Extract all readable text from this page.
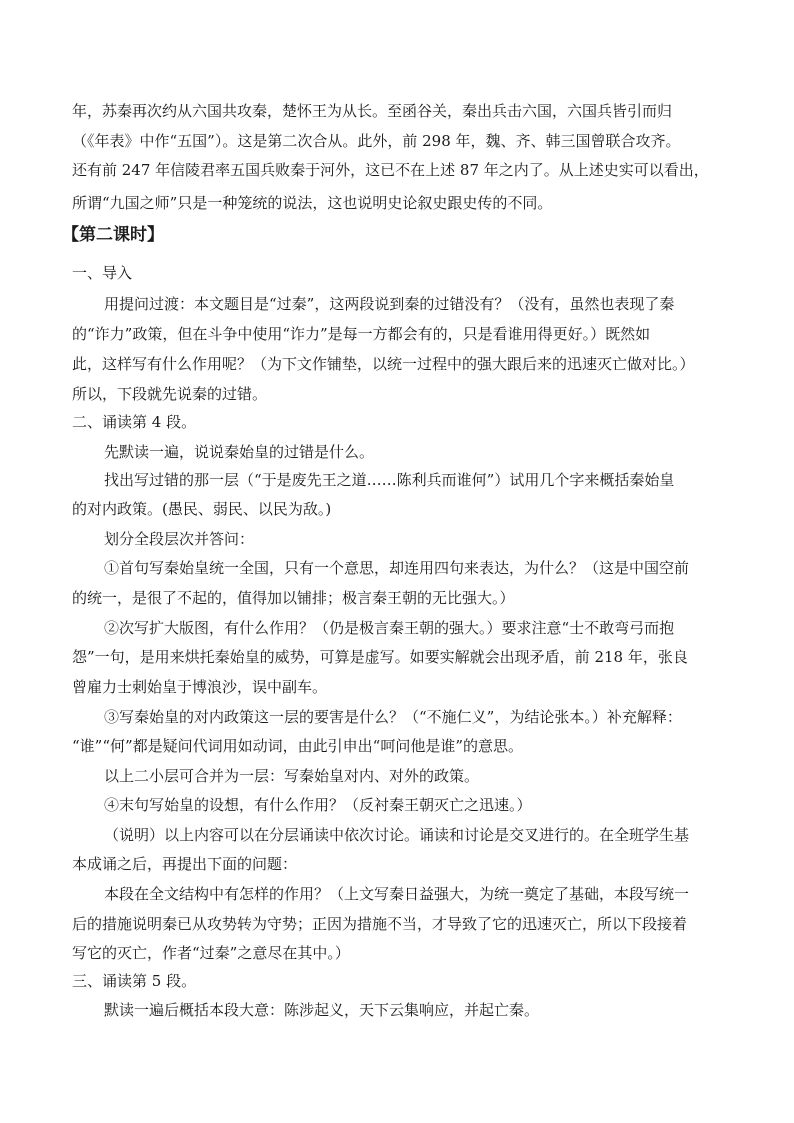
年，苏秦再次约从六国共攻秦，楚怀王为从长。至函谷关，秦出兵击六国，六国兵皆引而归
（《年表》中作“五国”）。这是第二次合从。此外，前 298 年，魏、齐、韩三国曾联合攻齐。
还有前 247 年信陵君率五国兵败秦于河外，这已不在上述 87 年之内了。从上述史实可以看出，
所谓“九国之师”只是一种笼统的说法，这也说明史论叙史跟史传的不同。
【第二课时】
一、导入
用提问过渡：本文题目是“过秦”，这两段说到秦的过错没有？（没有，虽然也表现了秦
的“诈力”政策，但在斗争中使用“诈力”是每一方都会有的，只是看谁用得更好。）既然如
此，这样写有什么作用呢？（为下文作铺垫，以统一过程中的强大跟后来的迅速灭亡做对比。）
所以，下段就先说秦的过错。
二、诵读第 4 段。
先默读一遍，说说秦始皇的过错是什么。
找出写过错的那一层（“于是废先王之道……陈利兵而谁何”）试用几个字来概括秦始皇
的对内政策。(愚民、弱民、以民为敌。)
划分全段层次并答问：
①首句写秦始皇统一全国，只有一个意思，却连用四句来表达，为什么？（这是中国空前
的统一，是很了不起的，值得加以铺排；极言秦王朝的无比强大。）
②次写扩大版图，有什么作用？（仍是极言秦王朝的强大。）要求注意“士不敢弯弓而抱
怨”一句，是用来烘托秦始皇的威势，可算是虚写。如要实解就会出现矛盾，前 218 年，张良
曾雇力士刺始皇于博浪沙，误中副车。
③写秦始皇的对内政策这一层的要害是什么？（“不施仁义”，为结论张本。）补充解释：
“谁”“何”都是疑问代词用如动词，由此引申出“呵问他是谁”的意思。
以上二小层可合并为一层：写秦始皇对内、对外的政策。
④末句写始皇的设想，有什么作用？（反衬秦王朝灭亡之迅速。）
（说明）以上内容可以在分层诵读中依次讨论。诵读和讨论是交叉进行的。在全班学生基
本成诵之后，再提出下面的问题：
本段在全文结构中有怎样的作用？（上文写秦日益强大，为统一奠定了基础，本段写统一
后的措施说明秦已从攻势转为守势；正因为措施不当，才导致了它的迅速灭亡，所以下段接着
写它的灭亡，作者“过秦”之意尽在其中。）
三、诵读第 5 段。
默读一遍后概括本段大意：陈涉起义，天下云集响应，并起亡秦。
